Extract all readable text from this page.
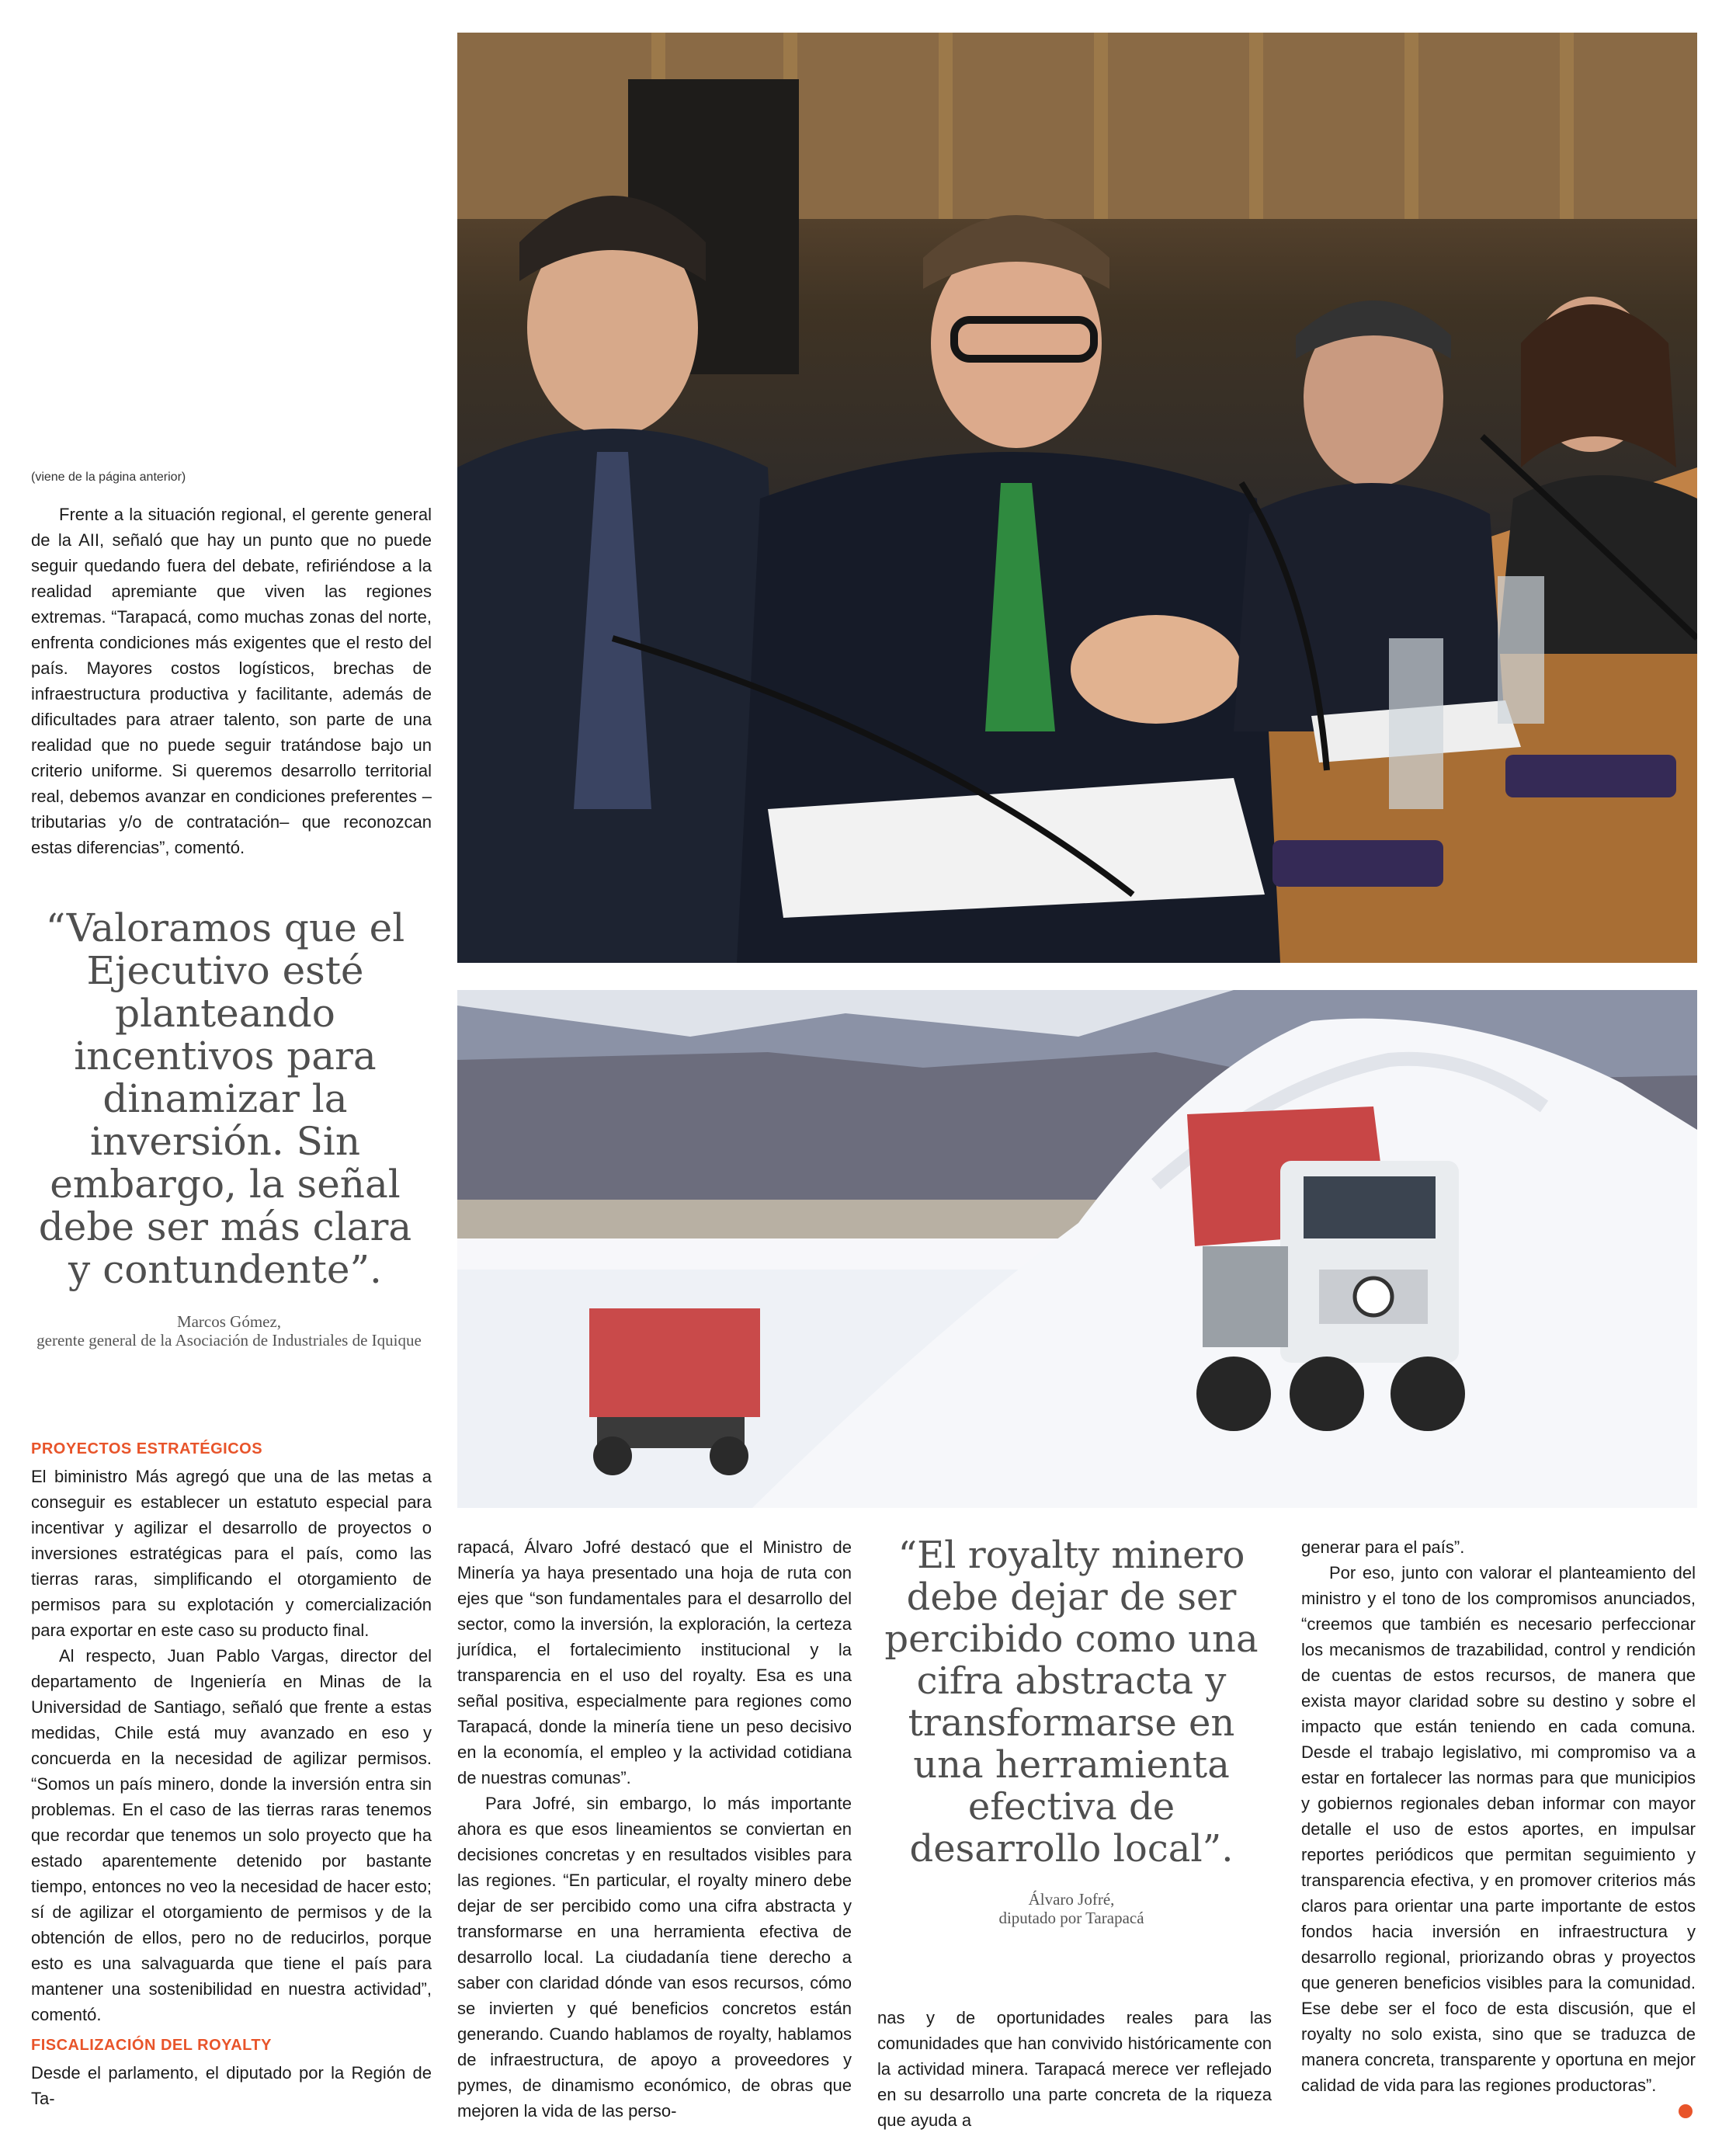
(viene de la página anterior)

Frente a la situación regional, el gerente general de la AII, señaló que hay un punto que no puede seguir quedando fuera del debate, refiriéndose a la realidad apremiante que viven las regiones extremas. “Tarapacá, como muchas zonas del norte, enfrenta condiciones más exigentes que el resto del país. Mayores costos logísticos, brechas de infraestructura productiva y facilitante, además de dificultades para atraer talento, son parte de una realidad que no puede seguir tratándose bajo un criterio uniforme. Si queremos desarrollo territorial real, debemos avanzar en condiciones preferentes –tributarias y/o de contratación– que reconozcan estas diferencias”, comentó.

“Valoramos que el Ejecutivo esté planteando incentivos para dinamizar la inversión. Sin embargo, la señal debe ser más clara y contundente”.
Marcos Gómez,
gerente general de la Asociación de Industriales de Iquique
PROYECTOS ESTRATÉGICOS

El biministro Más agregó que una de las metas a conseguir es establecer un estatuto especial para incentivar y agilizar el desarrollo de proyectos o inversiones estratégicas para el país, como las tierras raras, simplificando el otorgamiento de permisos para su explotación y comercialización para exportar en este caso su producto final.

Al respecto, Juan Pablo Vargas, director del departamento de Ingeniería en Minas de la Universidad de Santiago, señaló que frente a estas medidas, Chile está muy avanzado en eso y concuerda en la necesidad de agilizar permisos. “Somos un país minero, donde la inversión entra sin problemas. En el caso de las tierras raras tenemos que recordar que tenemos un solo proyecto que ha estado aparentemente detenido por bastante tiempo, entonces no veo la necesidad de hacer esto; sí de agilizar el otorgamiento de permisos y de la obtención de ellos, pero no de reducirlos, porque esto es una salvaguarda que tiene el país para mantener una sostenibilidad en nuestra actividad”, comentó.

FISCALIZACIÓN DEL ROYALTY

Desde el parlamento, el diputado por la Región de Ta-

rapacá, Álvaro Jofré destacó que el Ministro de Minería ya haya presentado una hoja de ruta con ejes que “son fundamentales para el desarrollo del sector, como la inversión, la exploración, la certeza jurídica, el fortalecimiento institucional y la transparencia en el uso del royalty. Esa es una señal positiva, especialmente para regiones como Tarapacá, donde la minería tiene un peso decisivo en la economía, el empleo y la actividad cotidiana de nuestras comunas”.

Para Jofré, sin embargo, lo más importante ahora es que esos lineamientos se conviertan en decisiones concretas y en resultados visibles para las regiones. “En particular, el royalty minero debe dejar de ser percibido como una cifra abstracta y transformarse en una herramienta efectiva de desarrollo local. La ciudadanía tiene derecho a saber con claridad dónde van esos recursos, cómo se invierten y qué beneficios concretos están generando. Cuando hablamos de royalty, hablamos de infraestructura, de apoyo a proveedores y pymes, de dinamismo económico, de obras que mejoren la vida de las perso-

“El royalty minero debe dejar de ser percibido como una cifra abstracta y transformarse en una herramienta efectiva de desarrollo local”.
Álvaro Jofré,
diputado por Tarapacá

nas y de oportunidades reales para las comunidades que han convivido históricamente con la actividad minera. Tarapacá merece ver reflejado en su desarrollo una parte concreta de la riqueza que ayuda a

generar para el país”.

Por eso, junto con valorar el planteamiento del ministro y el tono de los compromisos anunciados, “creemos que también es necesario perfeccionar los mecanismos de trazabilidad, control y rendición de cuentas de estos recursos, de manera que exista mayor claridad sobre su destino y sobre el impacto que están teniendo en cada comuna. Desde el trabajo legislativo, mi compromiso va a estar en fortalecer las normas para que municipios y gobiernos regionales deban informar con mayor detalle el uso de estos aportes, en impulsar reportes periódicos que permitan seguimiento y transparencia efectiva, y en promover criterios más claros para orientar una parte importante de estos fondos hacia inversión en infraestructura y desarrollo regional, priorizando obras y proyectos que generen beneficios visibles para la comunidad. Ese debe ser el foco de esta discusión, que el royalty no solo exista, sino que se traduzca de manera concreta, transparente y oportuna en mejor calidad de vida para las regiones productoras”.
